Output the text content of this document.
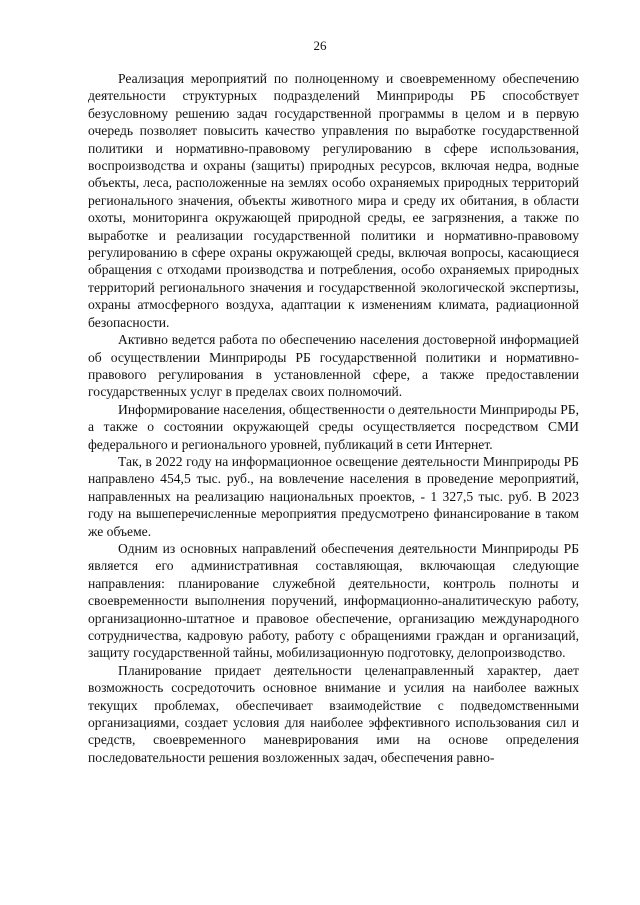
26

Реализация мероприятий по полноценному и своевременному обеспечению деятельности структурных подразделений Минприроды РБ способствует безусловному решению задач государственной программы в целом и в первую очередь позволяет повысить качество управления по выработке государственной политики и нормативно-правовому регулированию в сфере использования, воспроизводства и охраны (защиты) природных ресурсов, включая недра, водные объекты, леса, расположенные на землях особо охраняемых природных территорий регионального значения, объекты животного мира и среду их обитания, в области охоты, мониторинга окружающей природной среды, ее загрязнения, а также по выработке и реализации государственной политики и нормативно-правовому регулированию в сфере охраны окружающей среды, включая вопросы, касающиеся обращения с отходами производства и потребления, особо охраняемых природных территорий регионального значения и государственной экологической экспертизы, охраны атмосферного воздуха, адаптации к изменениям климата, радиационной безопасности.

Активно ведется работа по обеспечению населения достоверной информацией об осуществлении Минприроды РБ государственной политики и нормативно-правового регулирования в установленной сфере, а также предоставлении государственных услуг в пределах своих полномочий.

Информирование населения, общественности о деятельности Минприроды РБ, а также о состоянии окружающей среды осуществляется посредством СМИ федерального и регионального уровней, публикаций в сети Интернет.

Так, в 2022 году на информационное освещение деятельности Минприроды РБ направлено 454,5 тыс. руб., на вовлечение населения в проведение мероприятий, направленных на реализацию национальных проектов, - 1 327,5 тыс. руб. В 2023 году на вышеперечисленные мероприятия предусмотрено финансирование в таком же объеме.

Одним из основных направлений обеспечения деятельности Минприроды РБ является его административная составляющая, включающая следующие направления: планирование служебной деятельности, контроль полноты и своевременности выполнения поручений, информационно-аналитическую работу, организационно-штатное и правовое обеспечение, организацию международного сотрудничества, кадровую работу, работу с обращениями граждан и организаций, защиту государственной тайны, мобилизационную подготовку, делопроизводство.

Планирование придает деятельности целенаправленный характер, дает возможность сосредоточить основное внимание и усилия на наиболее важных текущих проблемах, обеспечивает взаимодействие с подведомственными организациями, создает условия для наиболее эффективного использования сил и средств, своевременного маневрирования ими на основе определения последовательности решения возложенных задач, обеспечения равно-
